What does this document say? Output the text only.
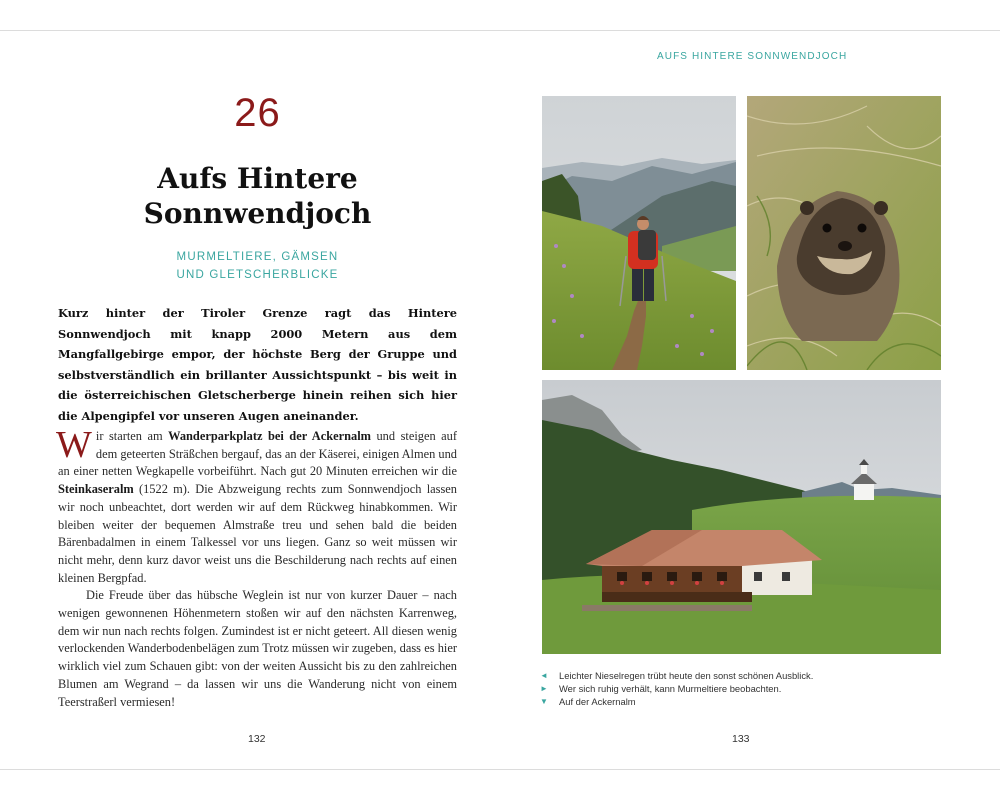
26
Aufs Hintere
Sonnwendjoch
MURMELTIERE, GÄMSEN
UND GLETSCHERBLICKE
Kurz hinter der Tiroler Grenze ragt das Hintere Sonnwendjoch mit knapp 2000 Metern aus dem Mangfallgebirge empor, der höchste Berg der Gruppe und selbstverständlich ein brillanter Aussichtspunkt – bis weit in die österreichischen Gletscherberge hinein reihen sich hier die Alpengipfel vor unseren Augen aneinander.

Wir starten am Wanderparkplatz bei der Ackernalm und steigen auf dem geteerten Sträßchen bergauf, das an der Käserei, einigen Almen und an einer netten Wegkapelle vorbeiführt. Nach gut 20 Minuten erreichen wir die Steinkaseralm (1522 m). Die Abzweigung rechts zum Sonnwendjoch lassen wir noch unbeachtet, dort werden wir auf dem Rückweg hinabkommen. Wir bleiben weiter der bequemen Almstraße treu und sehen bald die beiden Bärenbadalmen in einem Talkessel vor uns liegen. Ganz so weit müssen wir nicht mehr, denn kurz davor weist uns die Beschilderung nach rechts auf einen kleinen Bergpfad.

Die Freude über das hübsche Weglein ist nur von kurzer Dauer – nach wenigen gewonnenen Höhenmetern stoßen wir auf den nächsten Karrenweg, dem wir nun nach rechts folgen. Zumindest ist er nicht geteert. All diesen wenig verlockenden Wanderbodenbelägen zum Trotz müssen wir zugeben, dass es hier wirklich viel zum Schauen gibt: von der weiten Aussicht bis zu den zahlreichen Blumen am Wegrand – da lassen wir uns die Wanderung nicht von einem Teerstraßerl vermiesen!

132
AUFS HINTERE SONNWENDJOCH
◄	Leichter Nieselregen trübt heute den sonst schönen Ausblick.
►	Wer sich ruhig verhält, kann Murmeltiere beobachten.
▼	Auf der Ackernalm
133
